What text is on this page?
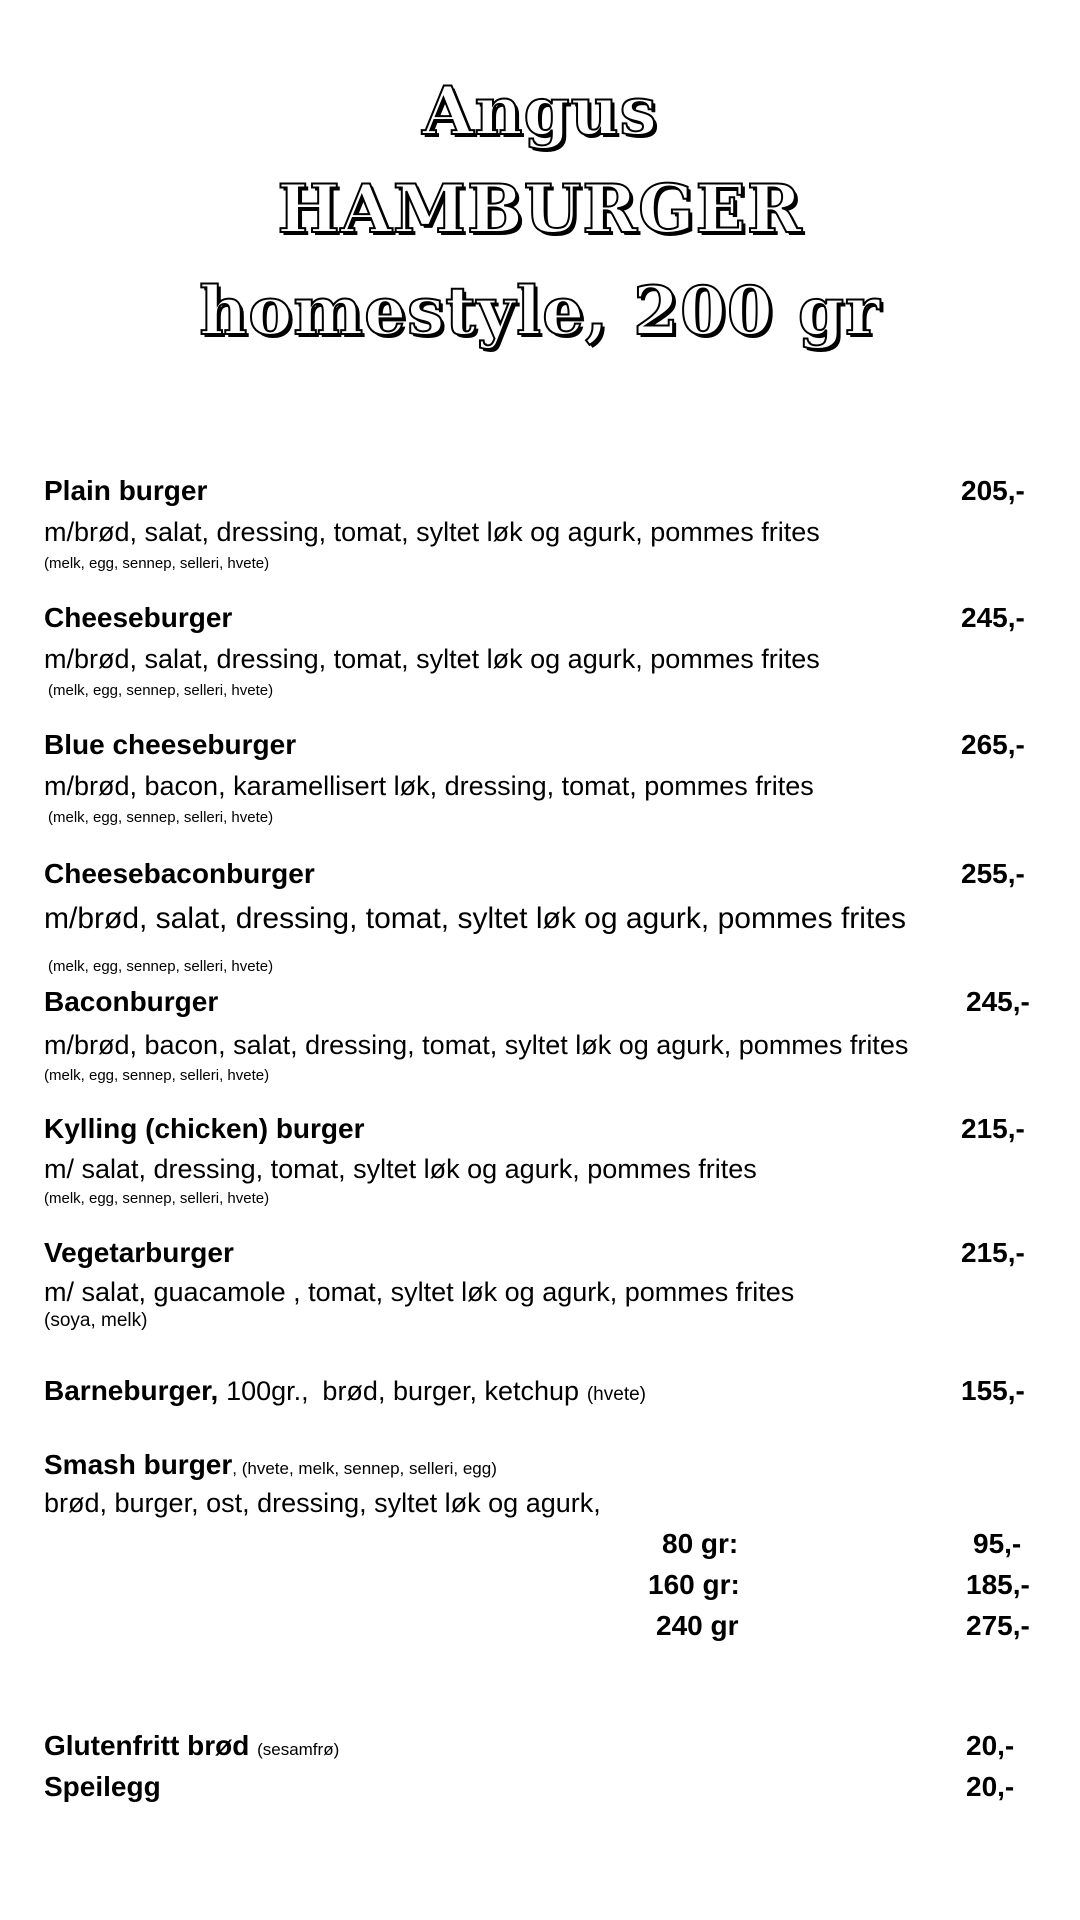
Angus
HAMBURGER
homestyle, 200 gr
Plain burger	205,-
m/brød, salat, dressing, tomat, syltet løk og agurk, pommes frites
(melk, egg, sennep, selleri, hvete)
Cheeseburger	245,-
m/brød, salat, dressing, tomat, syltet løk og agurk, pommes frites
(melk, egg, sennep, selleri, hvete)
Blue cheeseburger	265,-
m/brød, bacon, karamellisert løk, dressing, tomat, pommes frites
(melk, egg, sennep, selleri, hvete)
Cheesebaconburger	255,-
m/brød, salat, dressing, tomat, syltet løk og agurk, pommes frites
(melk, egg, sennep, selleri, hvete)
Baconburger	245,-
m/brød, bacon, salat, dressing, tomat, syltet løk og agurk, pommes frites
(melk, egg, sennep, selleri, hvete)
Kylling (chicken) burger	215,-
m/ salat, dressing, tomat, syltet løk og agurk, pommes frites
(melk, egg, sennep, selleri, hvete)
Vegetarburger	215,-
m/ salat, guacamole , tomat, syltet løk og agurk, pommes frites
(soya, melk)
Barneburger, 100gr., brød, burger, ketchup (hvete)	155,-
Smash burger, (hvete, melk, sennep, selleri, egg)
brød, burger, ost, dressing, syltet løk og agurk,
80 gr:	95,-
160 gr:	185,-
240 gr	275,-
Glutenfritt brød (sesamfrø)	20,-
Speilegg	20,-
